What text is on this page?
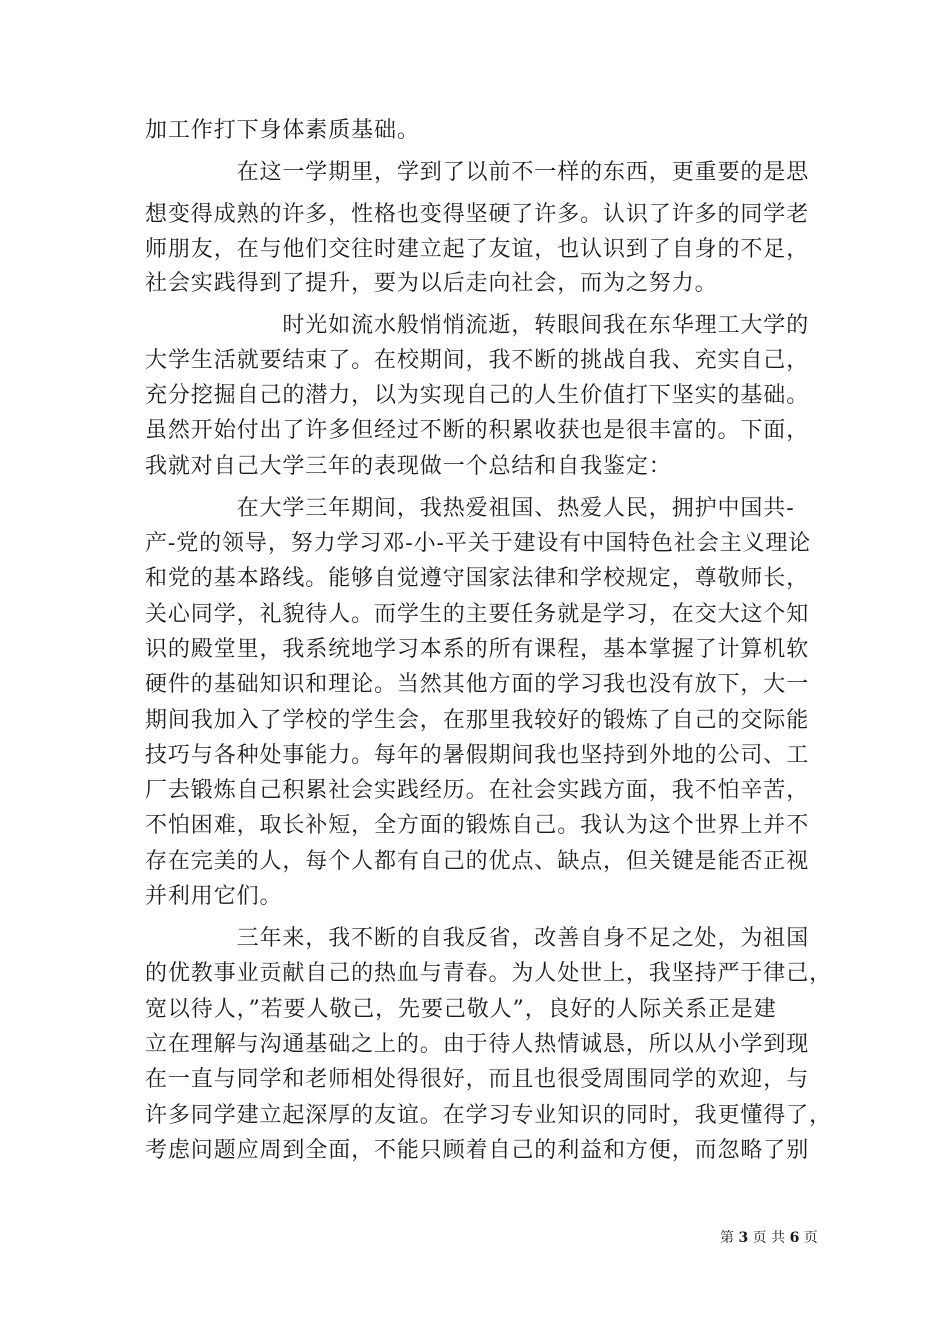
加工作打下身体素质基础。
　　　　在这一学期里，学到了以前不一样的东西，更重要的是思
想变得成熟的许多，性格也变得坚硬了许多。认识了许多的同学老
师朋友，在与他们交往时建立起了友谊，也认识到了自身的不足，
社会实践得到了提升，要为以后走向社会，而为之努力。
　　　　　　时光如流水般悄悄流逝，转眼间我在东华理工大学的
大学生活就要结束了。在校期间，我不断的挑战自我、充实自己，
充分挖掘自己的潜力，以为实现自己的人生价值打下坚实的基础。
虽然开始付出了许多但经过不断的积累收获也是很丰富的。下面，
我就对自己大学三年的表现做一个总结和自我鉴定：
　　　　在大学三年期间，我热爱祖国、热爱人民，拥护中国共-
产-党的领导，努力学习邓-小-平关于建设有中国特色社会主义理论
和党的基本路线。能够自觉遵守国家法律和学校规定，尊敬师长，
关心同学，礼貌待人。而学生的主要任务就是学习，在交大这个知
识的殿堂里，我系统地学习本系的所有课程，基本掌握了计算机软
硬件的基础知识和理论。当然其他方面的学习我也没有放下，大一
期间我加入了学校的学生会，在那里我较好的锻炼了自己的交际能
技巧与各种处事能力。每年的暑假期间我也坚持到外地的公司、工
厂去锻炼自己积累社会实践经历。在社会实践方面，我不怕辛苦，
不怕困难，取长补短，全方面的锻炼自己。我认为这个世界上并不
存在完美的人，每个人都有自己的优点、缺点，但关键是能否正视
并利用它们。
　　　　三年来，我不断的自我反省，改善自身不足之处，为祖国
的优教事业贡献自己的热血与青春。为人处世上，我坚持严于律己，
宽以待人，”若要人敬己，先要己敬人”，良好的人际关系正是建
立在理解与沟通基础之上的。由于待人热情诚恳，所以从小学到现
在一直与同学和老师相处得很好，而且也很受周围同学的欢迎，与
许多同学建立起深厚的友谊。在学习专业知识的同时，我更懂得了，
考虑问题应周到全面，不能只顾着自己的利益和方便，而忽略了别
第 3 页 共 6 页
